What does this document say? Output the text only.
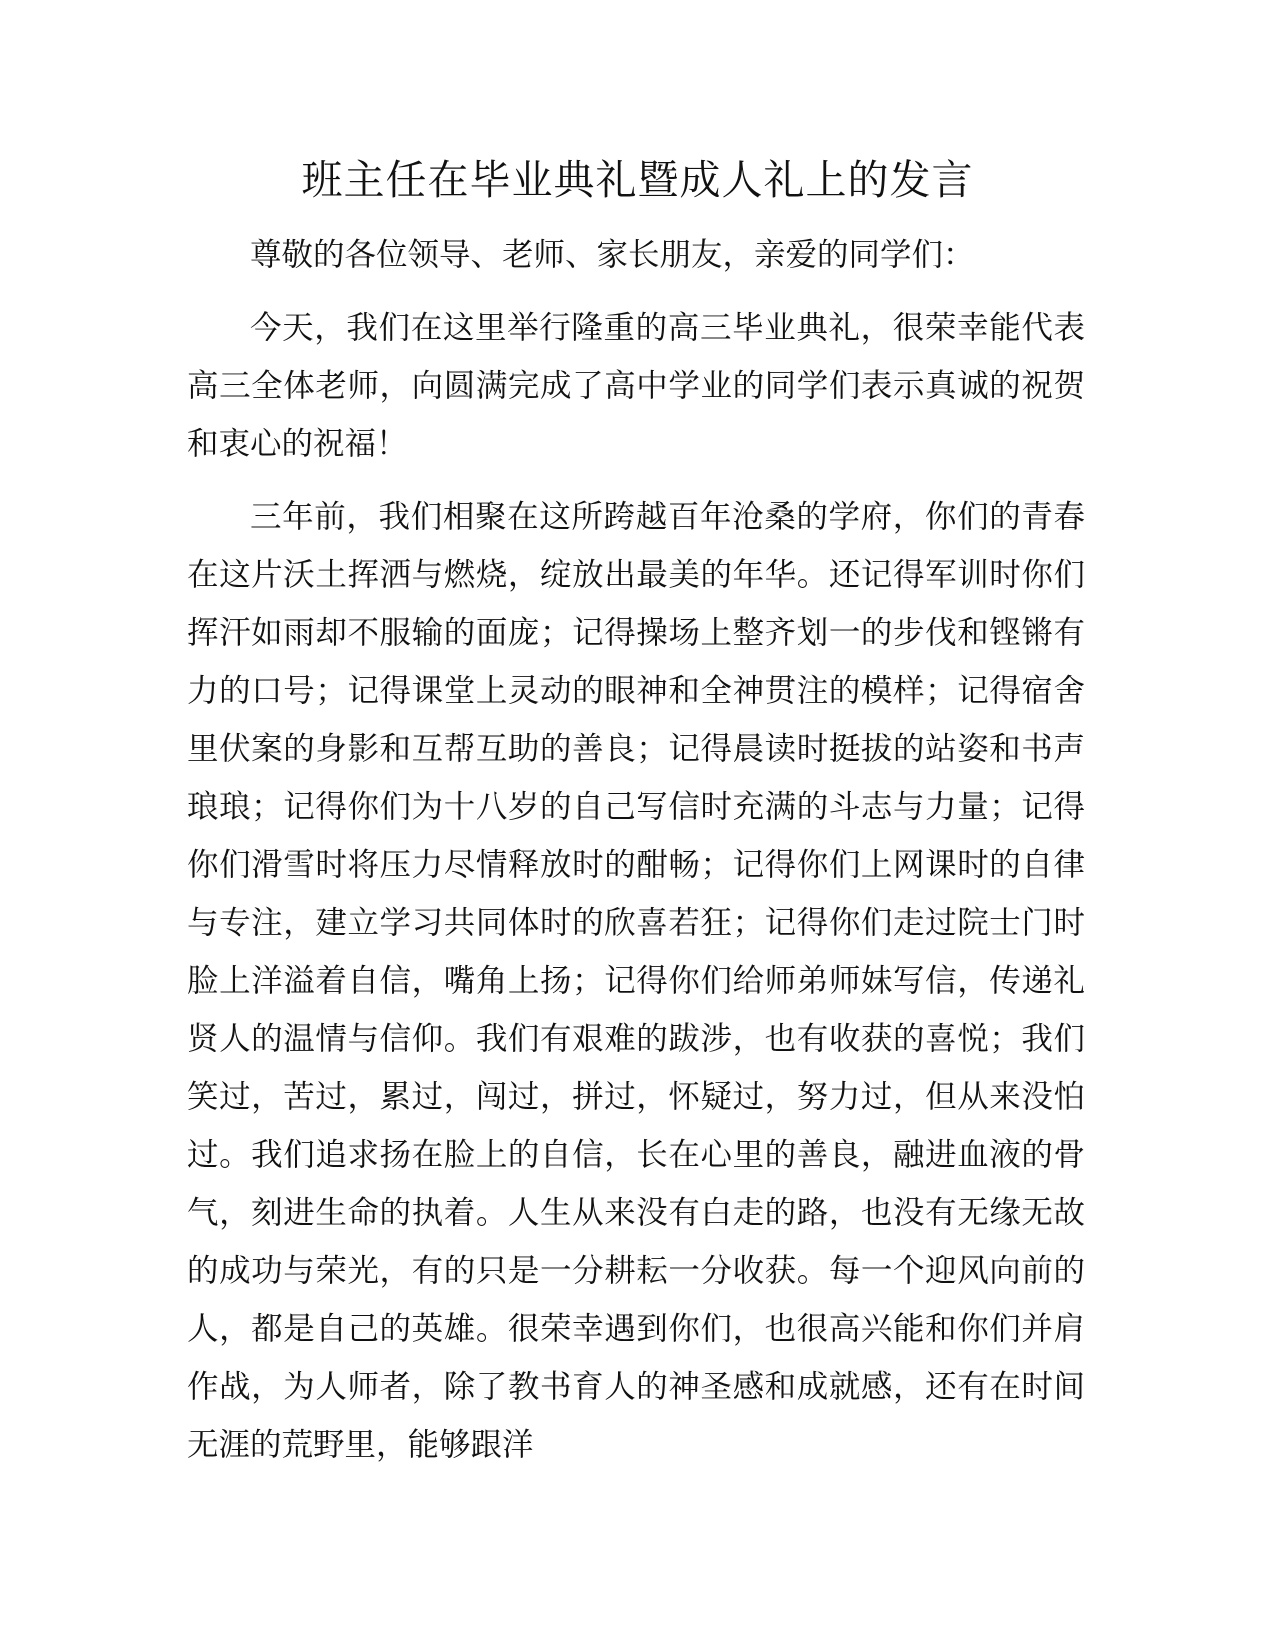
班主任在毕业典礼暨成人礼上的发言

尊敬的各位领导、老师、家长朋友，亲爱的同学们：

今天，我们在这里举行隆重的高三毕业典礼，很荣幸能代表高三全体老师，向圆满完成了高中学业的同学们表示真诚的祝贺和衷心的祝福！

三年前，我们相聚在这所跨越百年沧桑的学府，你们的青春在这片沃土挥洒与燃烧，绽放出最美的年华。还记得军训时你们挥汗如雨却不服输的面庞；记得操场上整齐划一的步伐和铿锵有力的口号；记得课堂上灵动的眼神和全神贯注的模样；记得宿舍里伏案的身影和互帮互助的善良；记得晨读时挺拔的站姿和书声琅琅；记得你们为十八岁的自己写信时充满的斗志与力量；记得你们滑雪时将压力尽情释放时的酣畅；记得你们上网课时的自律与专注，建立学习共同体时的欣喜若狂；记得你们走过院士门时脸上洋溢着自信，嘴角上扬；记得你们给师弟师妹写信，传递礼贤人的温情与信仰。我们有艰难的跋涉，也有收获的喜悦；我们笑过，苦过，累过，闯过，拼过，怀疑过，努力过，但从来没怕过。我们追求扬在脸上的自信，长在心里的善良，融进血液的骨气，刻进生命的执着。人生从来没有白走的路，也没有无缘无故的成功与荣光，有的只是一分耕耘一分收获。每一个迎风向前的人，都是自己的英雄。很荣幸遇到你们，也很高兴能和你们并肩作战，为人师者，除了教书育人的神圣感和成就感，还有在时间无涯的荒野里，能够跟洋
